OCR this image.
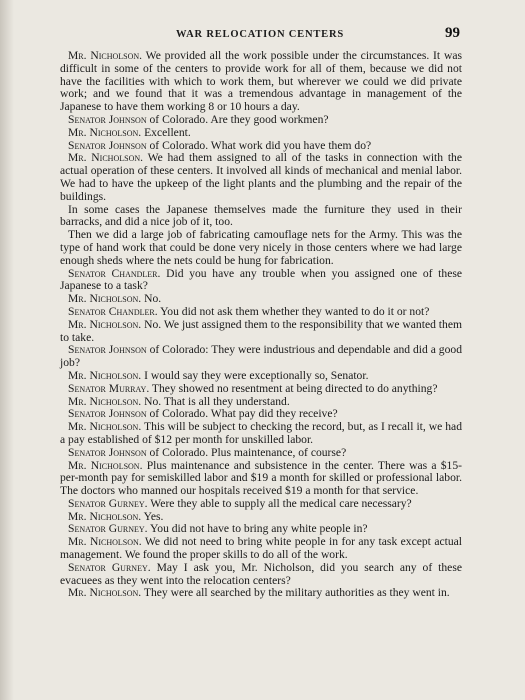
WAR RELOCATION CENTERS	99

Mr. Nicholson. We provided all the work possible under the circumstances. It was difficult in some of the centers to provide work for all of them, because we did not have the facilities with which to work them, but wherever we could we did private work; and we found that it was a tremendous advantage in management of the Japanese to have them working 8 or 10 hours a day.

Senator Johnson of Colorado. Are they good workmen?

Mr. Nicholson. Excellent.

Senator Johnson of Colorado. What work did you have them do?

Mr. Nicholson. We had them assigned to all of the tasks in connection with the actual operation of these centers. It involved all kinds of mechanical and menial labor. We had to have the upkeep of the light plants and the plumbing and the repair of the buildings.

In some cases the Japanese themselves made the furniture they used in their barracks, and did a nice job of it, too.

Then we did a large job of fabricating camouflage nets for the Army. This was the type of hand work that could be done very nicely in those centers where we had large enough sheds where the nets could be hung for fabrication.

Senator Chandler. Did you have any trouble when you assigned one of these Japanese to a task?

Mr. Nicholson. No.

Senator Chandler. You did not ask them whether they wanted to do it or not?

Mr. Nicholson. No. We just assigned them to the responsibility that we wanted them to take.

Senator Johnson of Colorado: They were industrious and dependable and did a good job?

Mr. Nicholson. I would say they were exceptionally so, Senator.

Senator Murray. They showed no resentment at being directed to do anything?

Mr. Nicholson. No. That is all they understand.

Senator Johnson of Colorado. What pay did they receive?

Mr. Nicholson. This will be subject to checking the record, but, as I recall it, we had a pay established of $12 per month for unskilled labor.

Senator Johnson of Colorado. Plus maintenance, of course?

Mr. Nicholson. Plus maintenance and subsistence in the center. There was a $15-per-month pay for semiskilled labor and $19 a month for skilled or professional labor. The doctors who manned our hospitals received $19 a month for that service.

Senator Gurney. Were they able to supply all the medical care necessary?

Mr. Nicholson. Yes.

Senator Gurney. You did not have to bring any white people in?

Mr. Nicholson. We did not need to bring white people in for any task except actual management. We found the proper skills to do all of the work.

Senator Gurney. May I ask you, Mr. Nicholson, did you search any of these evacuees as they went into the relocation centers?

Mr. Nicholson. They were all searched by the military authorities as they went in.
